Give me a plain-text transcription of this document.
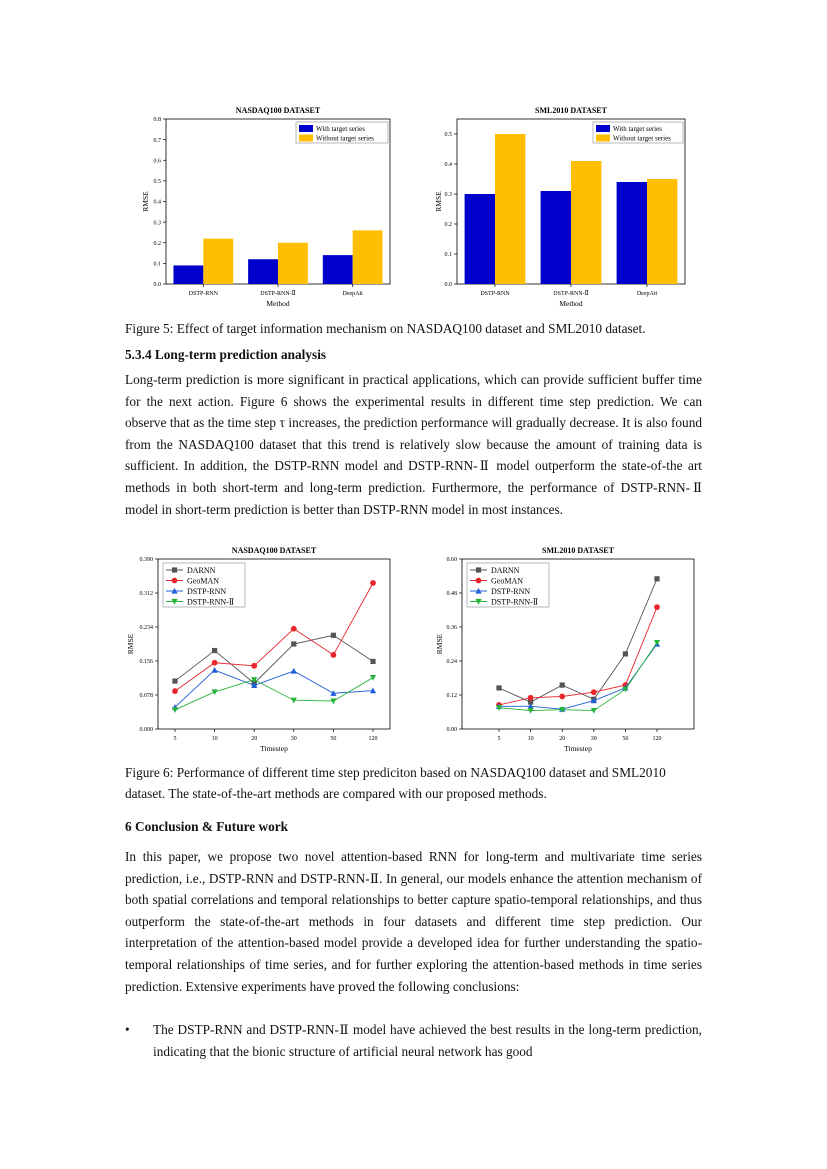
NASDAQ100 DATASET
0.0
0.1
0.2
0.3
0.4
0.5
0.6
0.7
0.8
RMSE
Method
DSTP-RNN	DSTP-RNN-Ⅱ	DeepAtt
With target series
Without target series
SML2010 DATASET
0.0
0.1
0.2
0.3
0.4
0.5
RMSE
Method
DSTP-RNN	DSTP-RNN-Ⅱ	DeepAtt
With target series
Without target series

Figure 5: Effect of target information mechanism on NASDAQ100 dataset and SML2010 dataset.

5.3.4 Long-term prediction analysis

Long-term prediction is more significant in practical applications, which can provide sufficient buffer time for the next action. Figure 6 shows the experimental results in different time step prediction. We can observe that as the time step τ increases, the prediction performance will gradually decrease. It is also found from the NASDAQ100 dataset that this trend is relatively slow because the amount of training data is sufficient. In addition, the DSTP-RNN model and DSTP-RNN-Ⅱ model outperform the state-of-the art methods in both short-term and long-term prediction. Furthermore, the performance of DSTP-RNN-Ⅱ model in short-term prediction is better than DSTP-RNN model in most instances.

NASDAQ100 DATASET
0.000
0.078
0.156
0.234
0.312
0.390
RMSE
Timestep
5	10	20	30	50	120
DARNN
GeoMAN
DSTP-RNN
DSTP-RNN-Ⅱ
SML2010 DATASET
0.00
0.12
0.24
0.36
0.48
0.60
RMSE
Timestep
5	10	20	30	50	120
DARNN
GeoMAN
DSTP-RNN
DSTP-RNN-Ⅱ

Figure 6: Performance of different time step prediciton based on NASDAQ100 dataset and SML2010 dataset. The state-of-the-art methods are compared with our proposed methods.

6 Conclusion & Future work

In this paper, we propose two novel attention-based RNN for long-term and multivariate time series prediction, i.e., DSTP-RNN and DSTP-RNN-Ⅱ. In general, our models enhance the attention mechanism of both spatial correlations and temporal relationships to better capture spatio-temporal relationships, and thus outperform the state-of-the-art methods in four datasets and different time step prediction. Our interpretation of the attention-based model provide a developed idea for further understanding the spatio-temporal relationships of time series, and for further exploring the attention-based methods in time series prediction. Extensive experiments have proved the following conclusions:

• The DSTP-RNN and DSTP-RNN-Ⅱ model have achieved the best results in the long-term prediction, indicating that the bionic structure of artificial neural network has good
